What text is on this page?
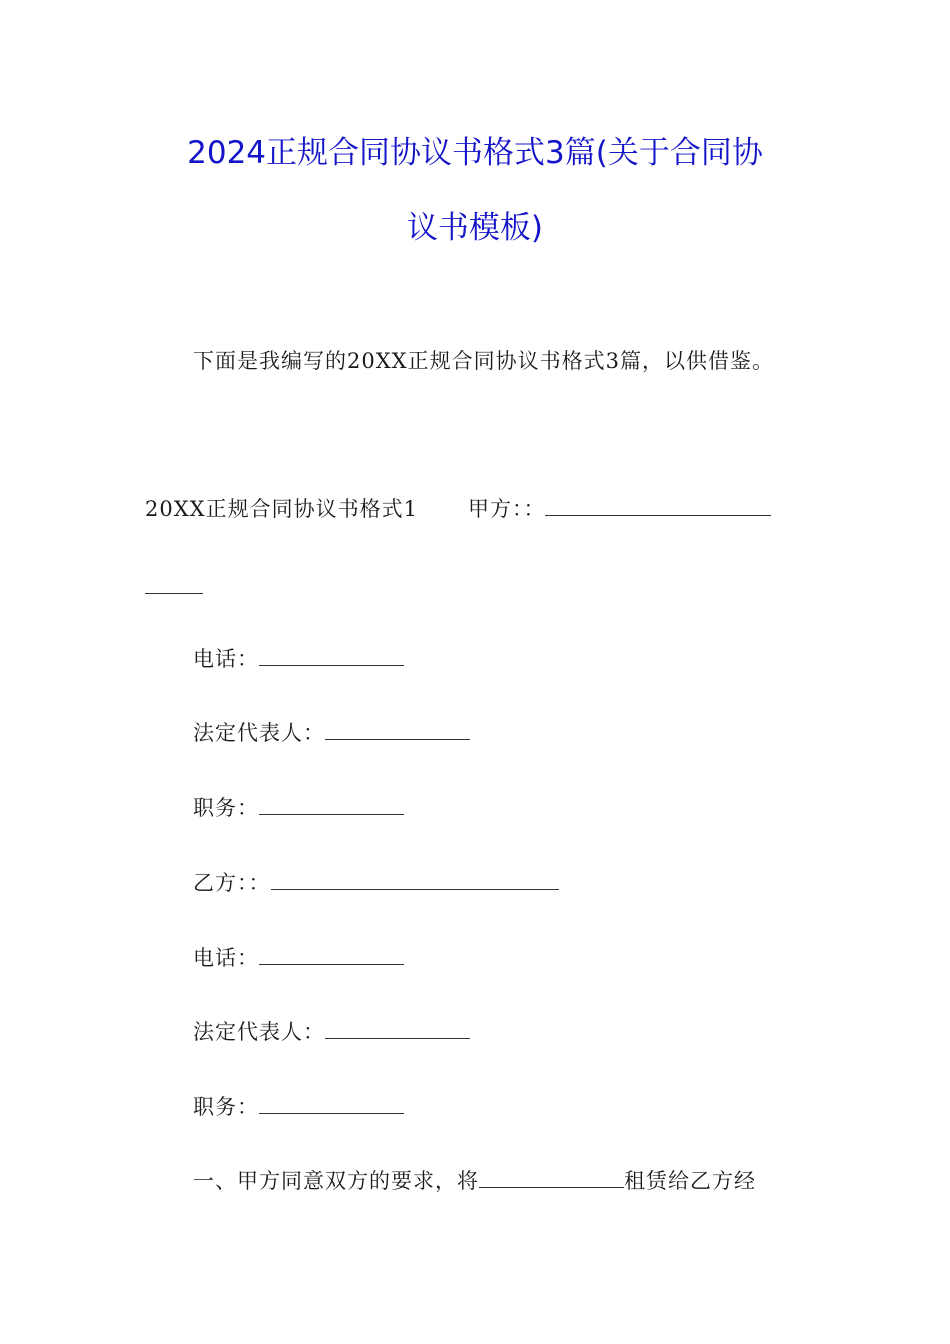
2024正规合同协议书格式3篇(关于合同协
议书模板)
下面是我编写的20XX正规合同协议书格式3篇，以供借鉴。
20XX正规合同协议书格式1 甲方：：
电话：
法定代表人：
职务：
乙方：：
电话：
法定代表人：
职务：
一、甲方同意双方的要求，将	租赁给乙方经
